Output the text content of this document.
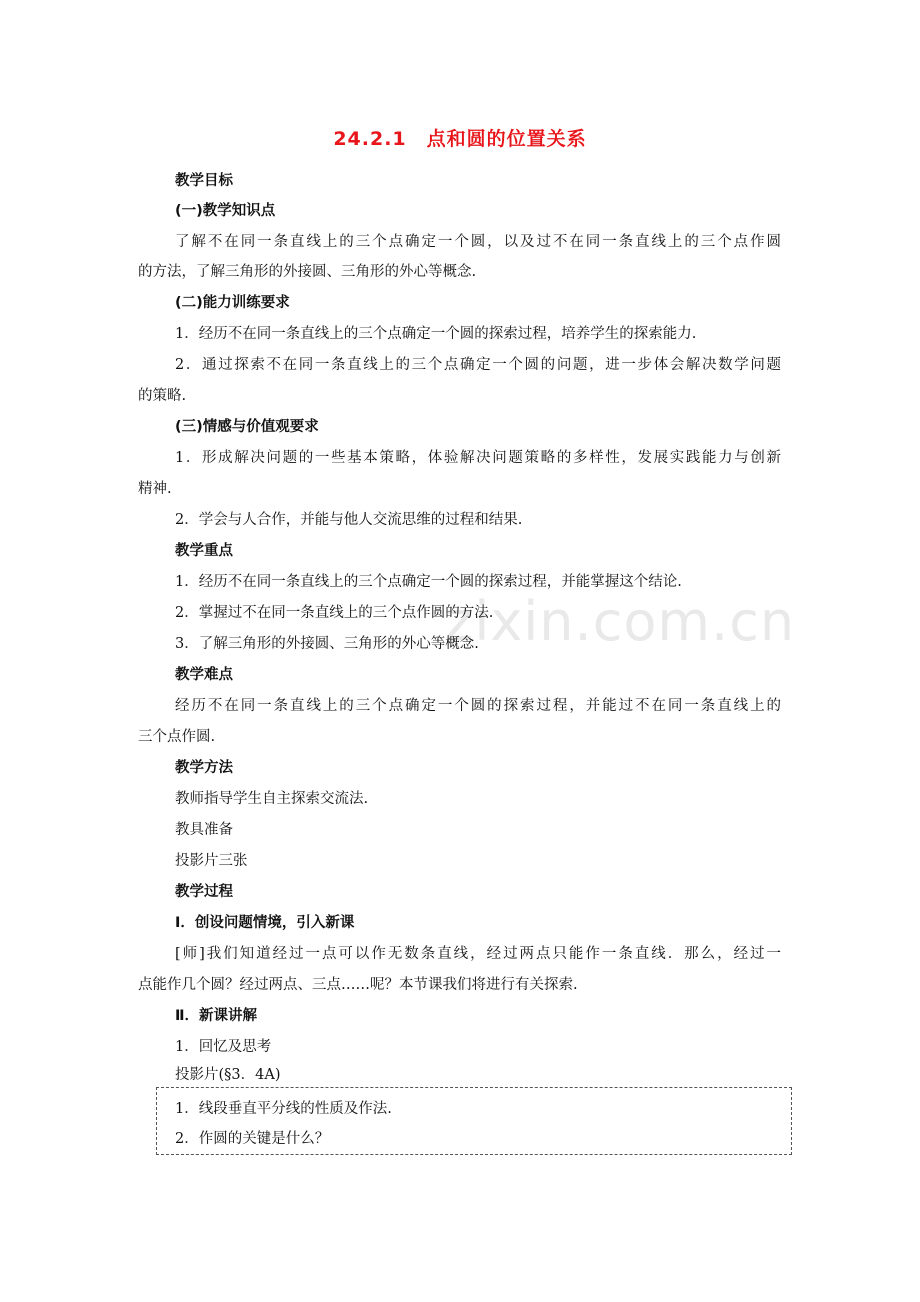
zixin.com.cn
24.2.1　点和圆的位置关系
教学目标
(一)教学知识点
了解不在同一条直线上的三个点确定一个圆，以及过不在同一条直线上的三个点作圆
的方法，了解三角形的外接圆、三角形的外心等概念.
(二)能力训练要求
1．经历不在同一条直线上的三个点确定一个圆的探索过程，培养学生的探索能力.
2．通过探索不在同一条直线上的三个点确定一个圆的问题，进一步体会解决数学问题
的策略.
(三)情感与价值观要求
1．形成解决问题的一些基本策略，体验解决问题策略的多样性，发展实践能力与创新
精神.
2．学会与人合作，并能与他人交流思维的过程和结果.
教学重点
1．经历不在同一条直线上的三个点确定一个圆的探索过程，并能掌握这个结论.
2．掌握过不在同一条直线上的三个点作圆的方法.
3．了解三角形的外接圆、三角形的外心等概念.
教学难点
经历不在同一条直线上的三个点确定一个圆的探索过程，并能过不在同一条直线上的
三个点作圆.
教学方法
教师指导学生自主探索交流法.
教具准备
投影片三张
教学过程
Ⅰ．创设问题情境，引入新课
[师]我们知道经过一点可以作无数条直线，经过两点只能作一条直线．那么，经过一
点能作几个圆？经过两点、三点……呢？本节课我们将进行有关探索.
Ⅱ．新课讲解
1．回忆及思考
投影片(§3．4A)
1．线段垂直平分线的性质及作法.
2．作圆的关键是什么？
